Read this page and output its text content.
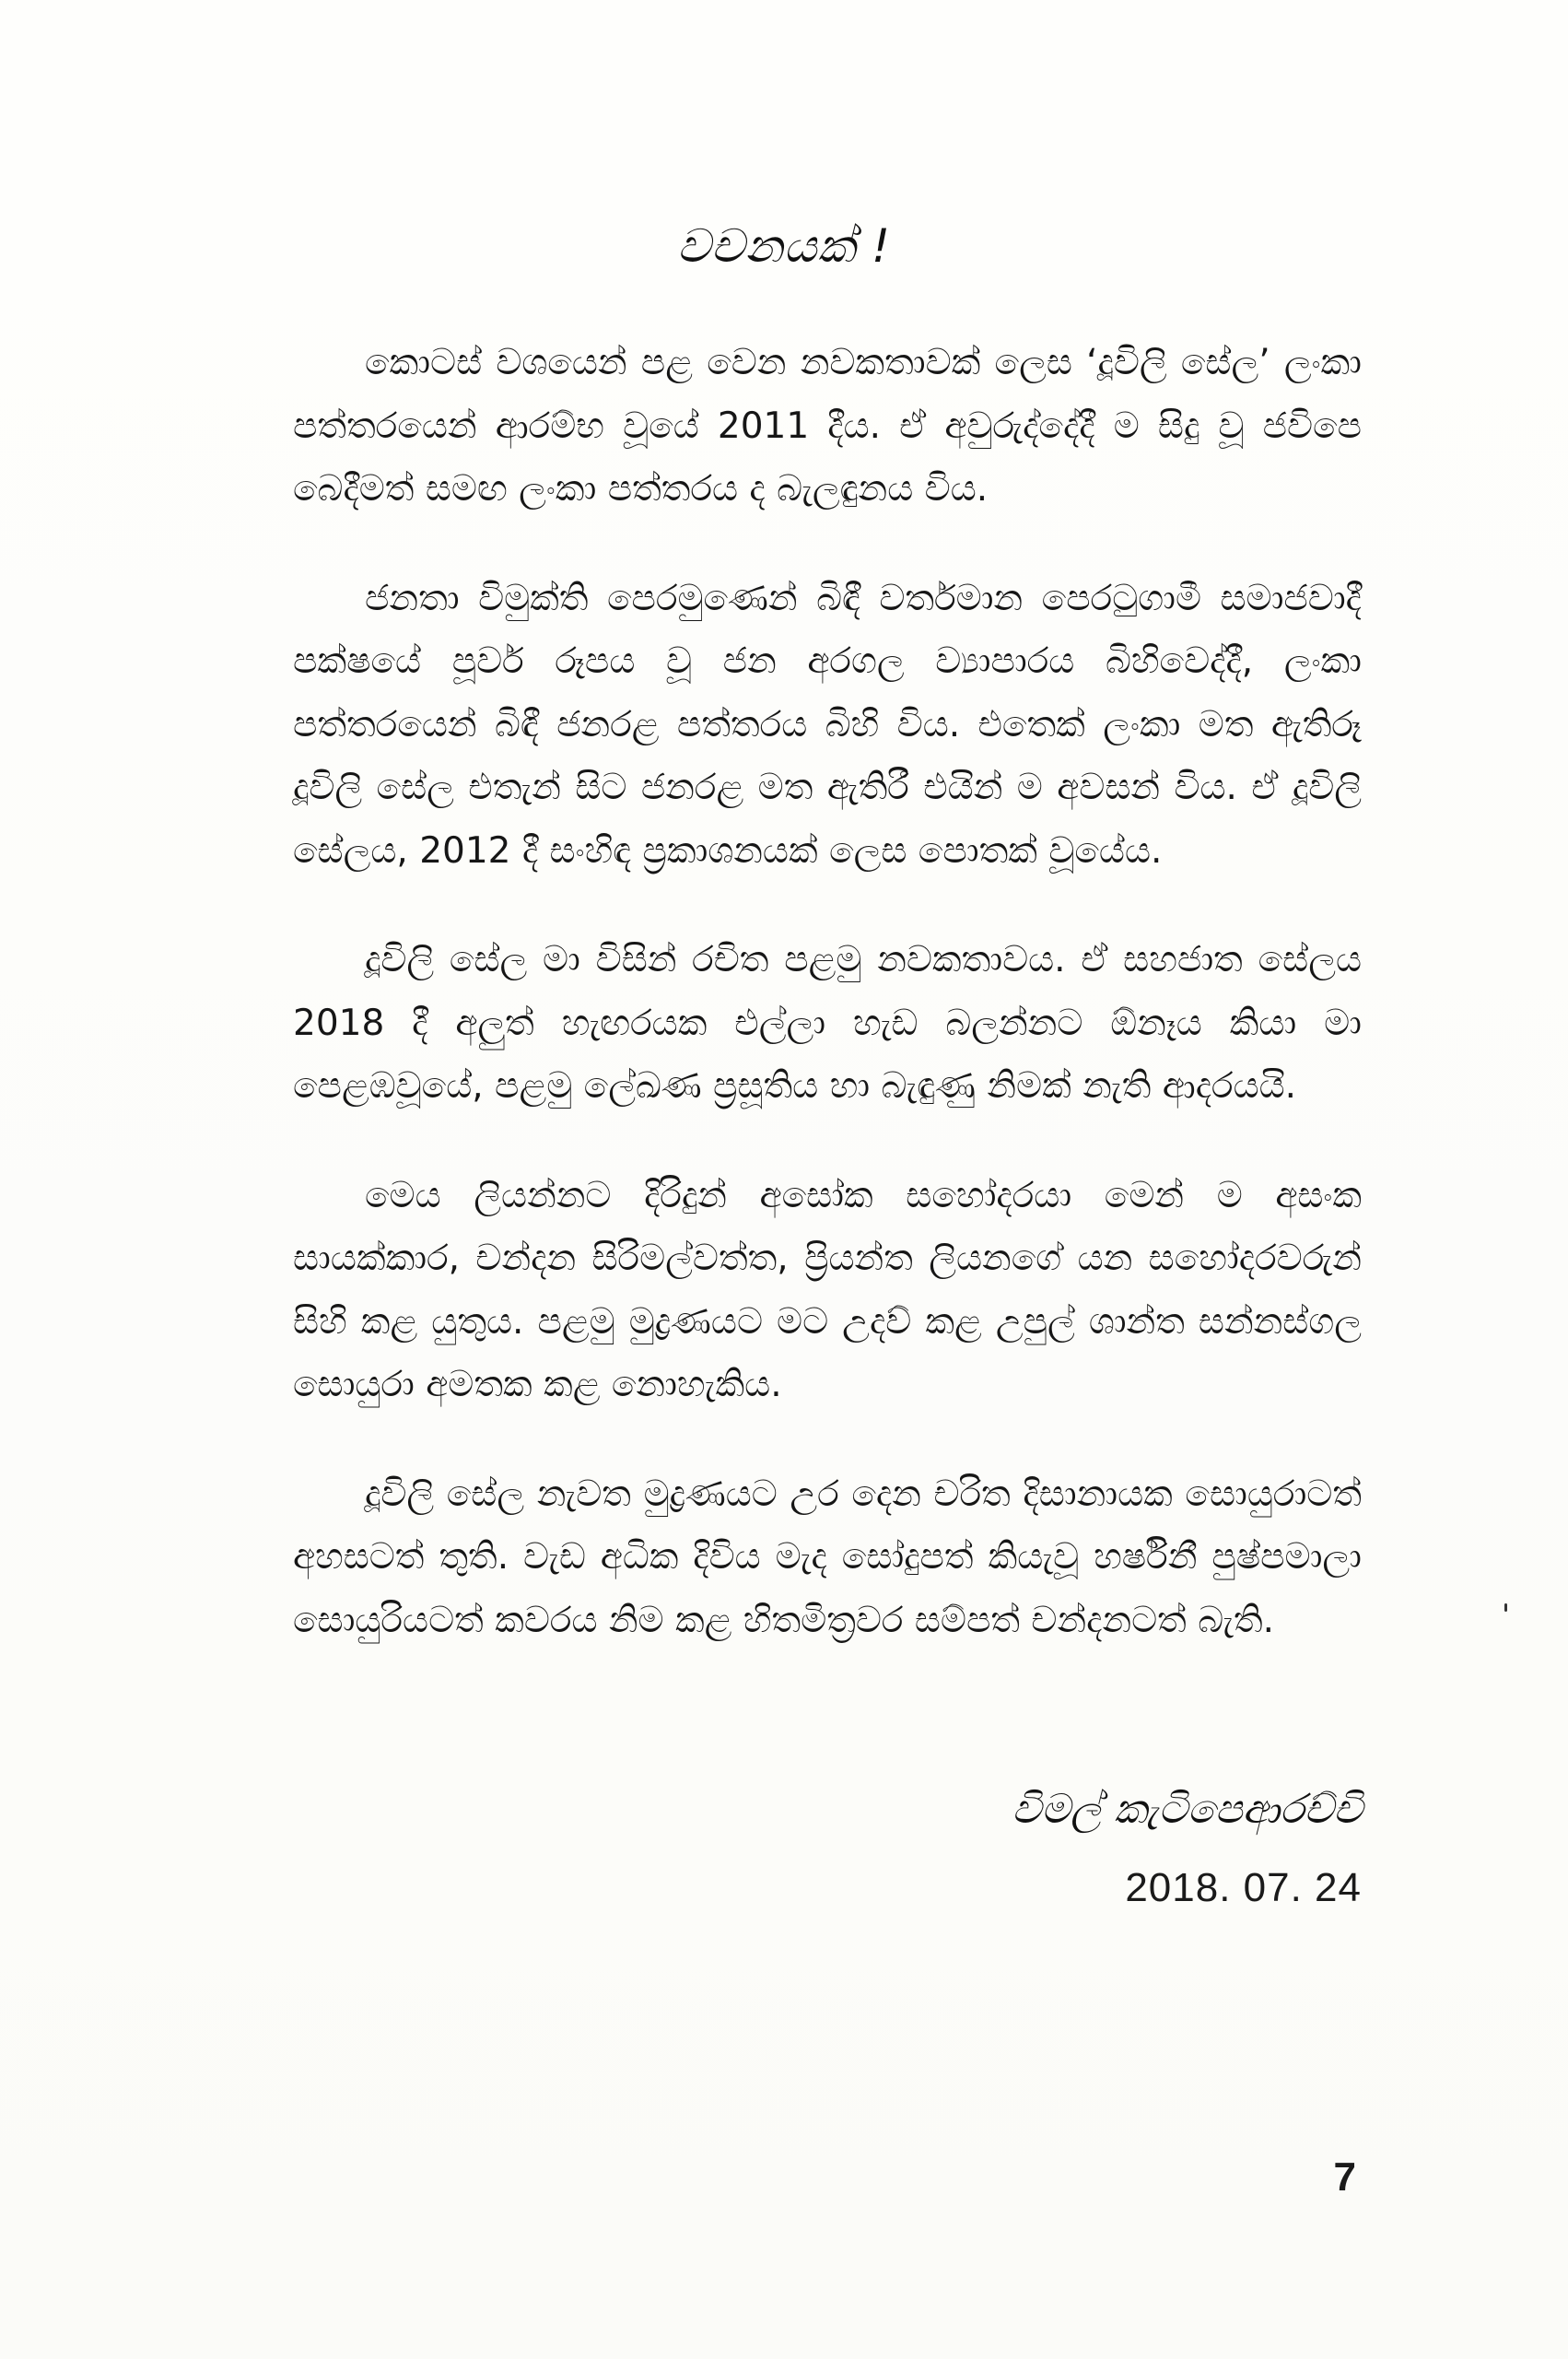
වචනයක් !

කොටස් වශයෙන් පළ වෙන නවකතාවක් ලෙස ‘දූවිලි සේල’ ලංකා පත්තරයෙන් ආරම්භ වූයේ 2011 දීය. ඒ අවුරුද්දේදී ම සිදු වූ ජවිපෙ බෙදීමත් සමඟ ලංකා පත්තරය ද බැලඳුනය විය.

ජනතා විමුක්ති පෙරමුණෙන් බිඳී වර්තමාන පෙරටුගාමී සමාජවාදී පක්ෂයේ පූර්ව රූපය වූ ජන අරගල ව්‍යාපාරය බිහිවෙද්දී, ලංකා පත්තරයෙන් බිඳී ජනරළ පත්තරය බිහි විය. එතෙක් ලංකා මත ඇතිරූ දූවිලි සේල එතැන් සිට ජනරළ මත ඇතිරී එයින් ම අවසන් විය. ඒ දූවිලි සේලය, 2012 දී සංහිඳ ප්‍රකාශනයක් ලෙස පොතක් වූයේය.

දූවිලි සේල මා විසින් රචිත පළමු නවකතාවය. ඒ සහජාත සේලය 2018 දී අලුත් හැඟරයක එල්ලා හැඩ බලන්නට ඕනෑය කියා මා පෙළඹවූයේ, පළමු ලේඛණ ප්‍රසූතිය හා බැඳුණු නිමක් නැති ආදරයයි.

මෙය ලියන්නට දිරිදුන් අසෝක සහෝදරයා මෙන් ම අසංක සායක්කාර, චන්දන සිරිමල්වත්ත, ප්‍රියන්ත ලියනගේ යන සහෝදරවරුන් සිහි කළ යුතුය. පළමු මුද්‍රණයට මට උදව් කළ උපුල් ශාන්ත සන්නස්ගල සොයුරා අමතක කළ නොහැකිය.

දූවිලි සේල නැවත මුද්‍රණයට උර දෙන චරිත දිසානායක සොයුරාටත් අහසටත් තුති. වැඩ අධික දිවිය මැද සෝදුපත් කියැවූ හර්ෂිනී පුෂ්පමාලා සොයුරියටත් කවරය නිම කළ හිතමිත්‍රවර සම්පත් චන්දනටත් බැති.

විමල් කැටිපෙආරච්චි
2018. 07. 24
7
